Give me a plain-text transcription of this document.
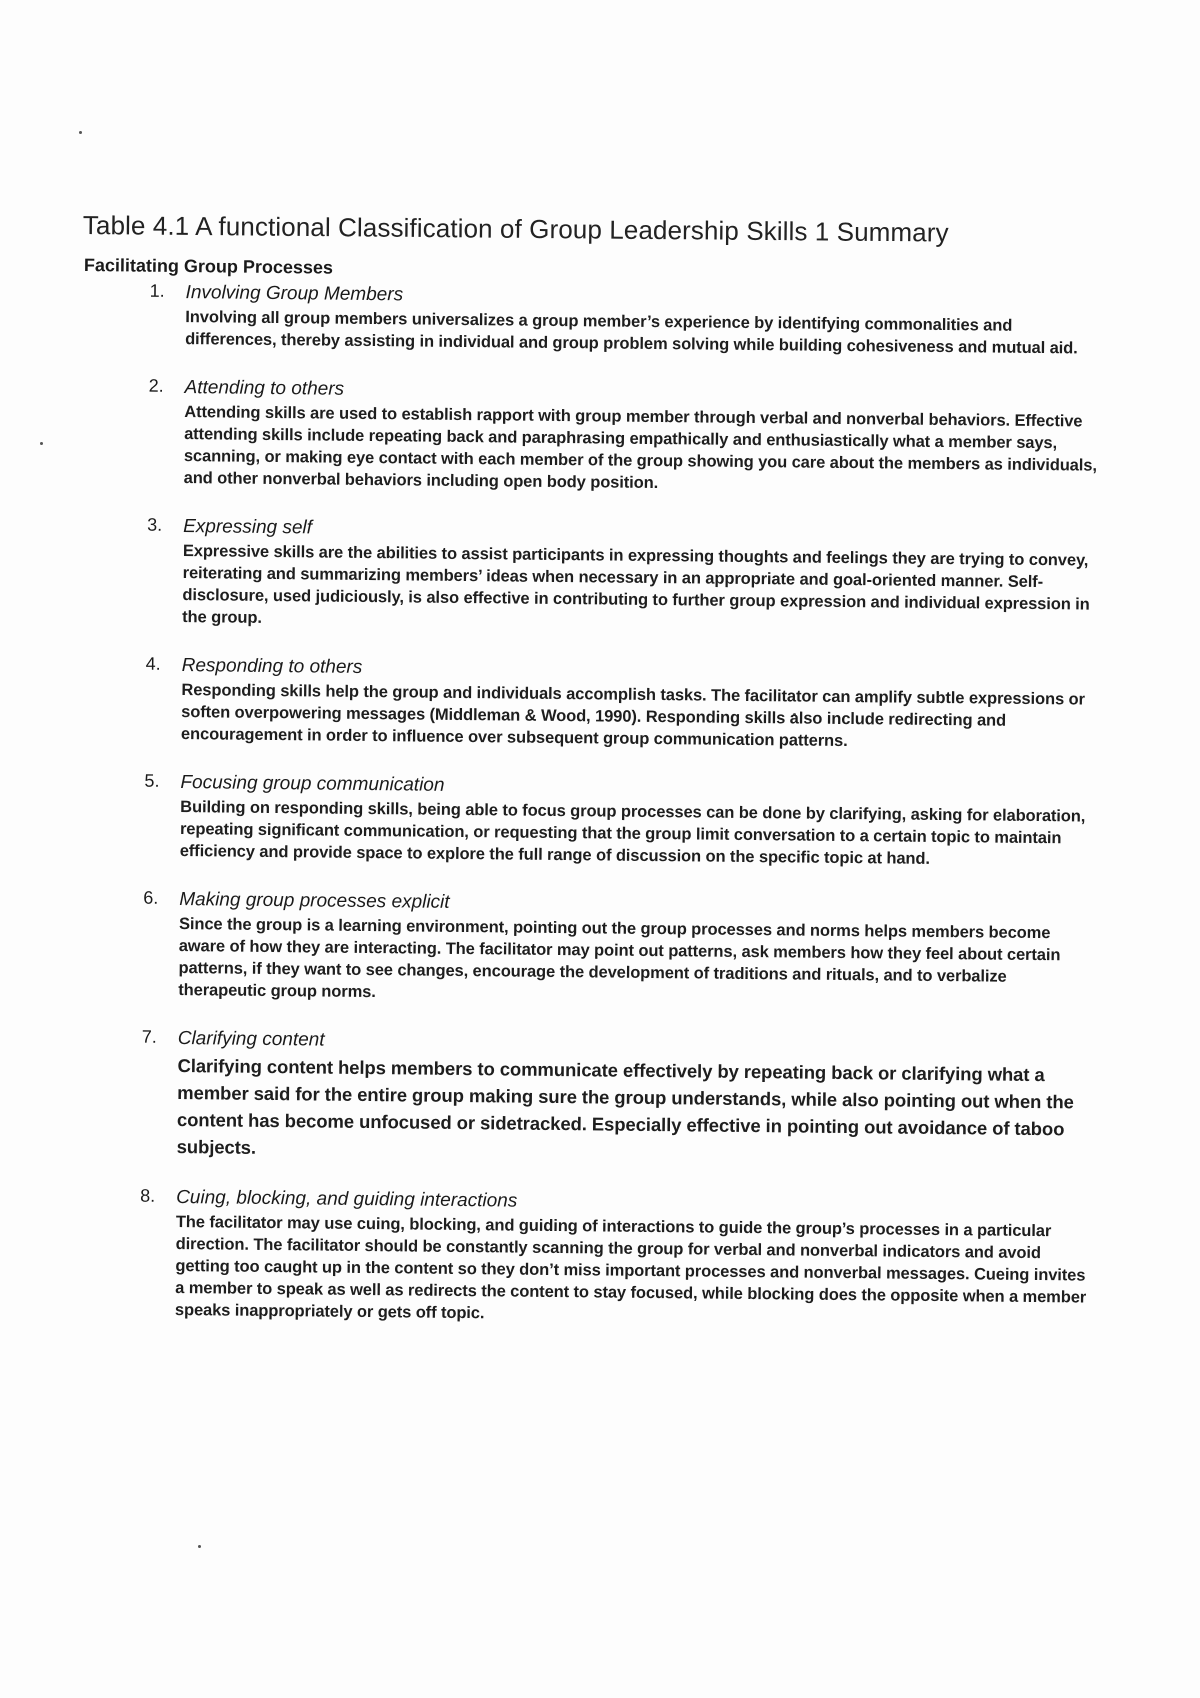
Table 4.1 A functional Classification of Group Leadership Skills 1 Summary
Facilitating Group Processes
1. Involving Group Members

Involving all group members universalizes a group member’s experience by identifying commonalities and differences, thereby assisting in individual and group problem solving while building cohesiveness and mutual aid.

2. Attending to others

Attending skills are used to establish rapport with group member through verbal and nonverbal behaviors. Effective attending skills include repeating back and paraphrasing empathically and enthusiastically what a member says, scanning, or making eye contact with each member of the group showing you care about the members as individuals, and other nonverbal behaviors including open body position.

3. Expressing self

Expressive skills are the abilities to assist participants in expressing thoughts and feelings they are trying to convey, reiterating and summarizing members’ ideas when necessary in an appropriate and goal-oriented manner. Self-disclosure, used judiciously, is also effective in contributing to further group expression and individual expression in the group.

4. Responding to others

Responding skills help the group and individuals accomplish tasks. The facilitator can amplify subtle expressions or soften overpowering messages (Middleman & Wood, 1990). Responding skills also include redirecting and encouragement in order to influence over subsequent group communication patterns.

5. Focusing group communication

Building on responding skills, being able to focus group processes can be done by clarifying, asking for elaboration, repeating significant communication, or requesting that the group limit conversation to a certain topic to maintain efficiency and provide space to explore the full range of discussion on the specific topic at hand.

6. Making group processes explicit

Since the group is a learning environment, pointing out the group processes and norms helps members become aware of how they are interacting. The facilitator may point out patterns, ask members how they feel about certain patterns, if they want to see changes, encourage the development of traditions and rituals, and to verbalize therapeutic group norms.

7. Clarifying content

Clarifying content helps members to communicate effectively by repeating back or clarifying what a member said for the entire group making sure the group understands, while also pointing out when the content has become unfocused or sidetracked. Especially effective in pointing out avoidance of taboo subjects.

8. Cuing, blocking, and guiding interactions

The facilitator may use cuing, blocking, and guiding of interactions to guide the group’s processes in a particular direction. The facilitator should be constantly scanning the group for verbal and nonverbal indicators and avoid getting too caught up in the content so they don’t miss important processes and nonverbal messages. Cueing invites a member to speak as well as redirects the content to stay focused, while blocking does the opposite when a member speaks inappropriately or gets off topic.
